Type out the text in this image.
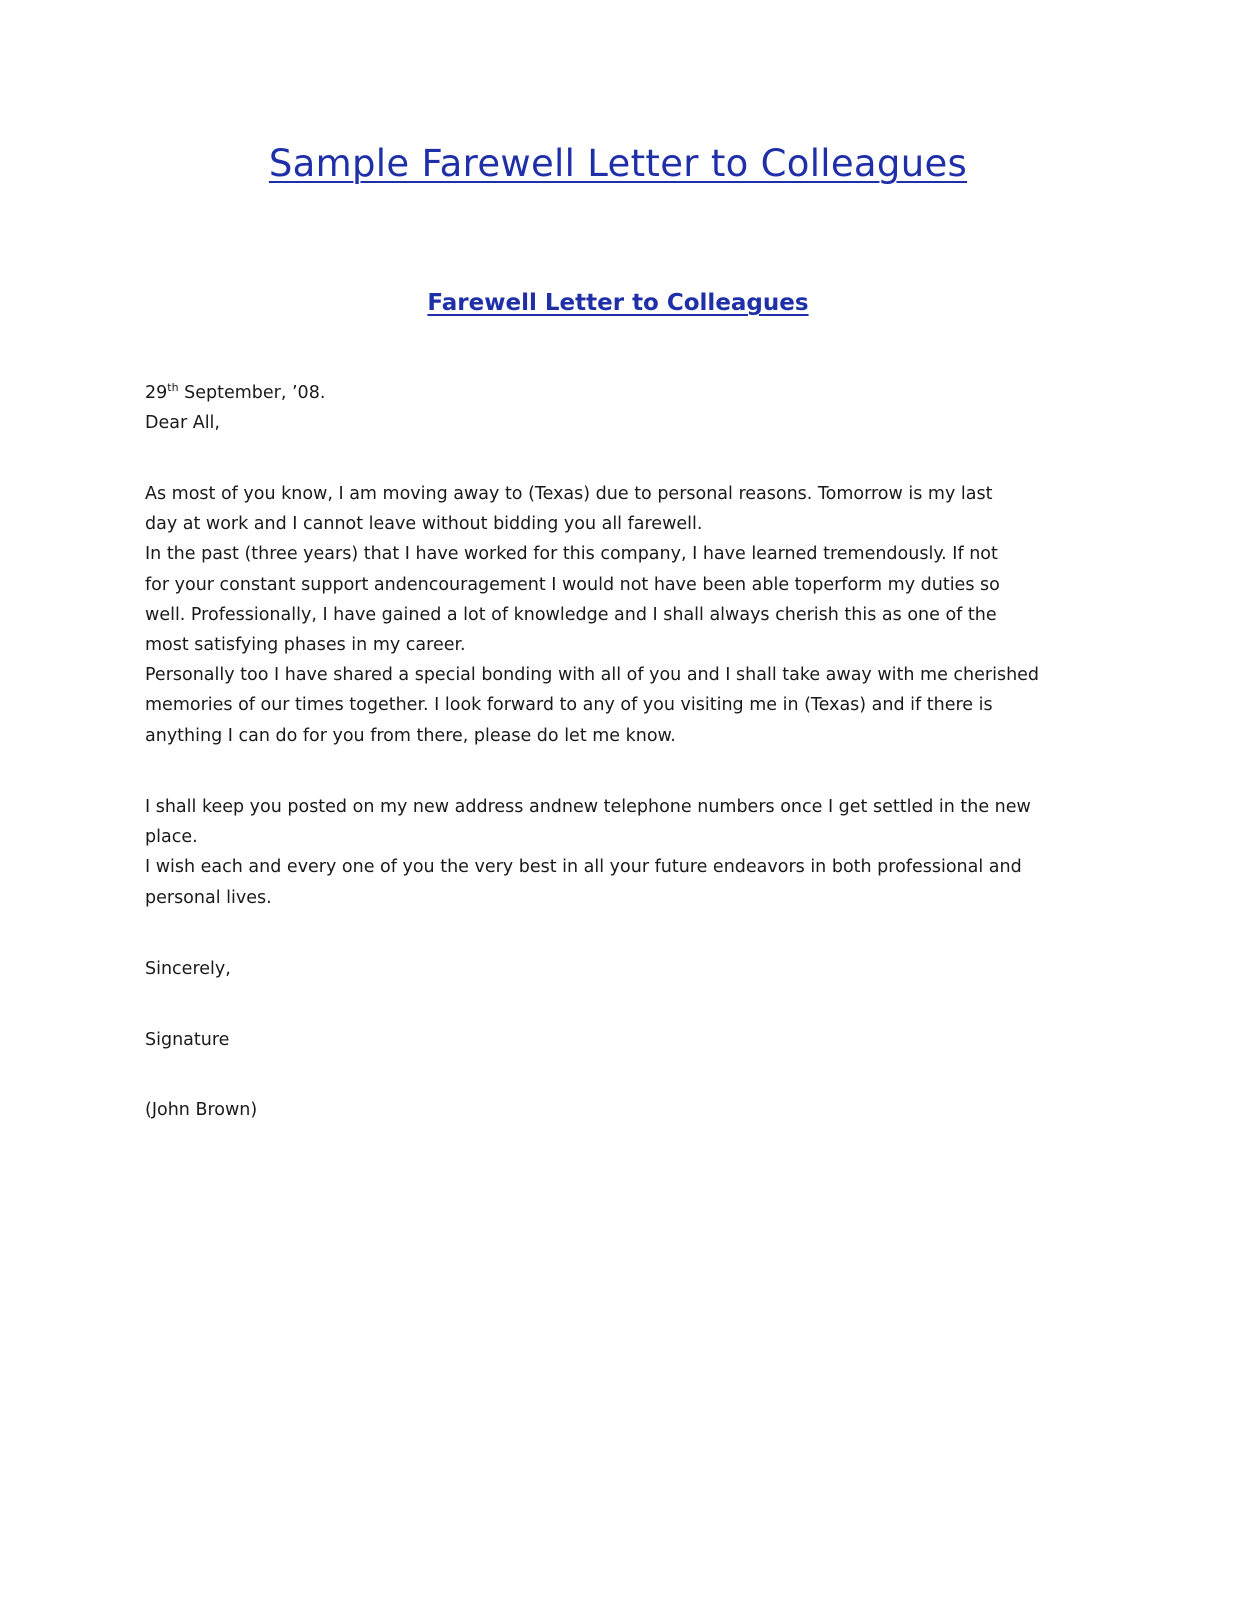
Sample Farewell Letter to Colleagues
Farewell Letter to Colleagues
29th September, ’08.
Dear All,
As most of you know, I am moving away to (Texas) due to personal reasons. Tomorrow is my last
day at work and I cannot leave without bidding you all farewell.
In the past (three years) that I have worked for this company, I have learned tremendously. If not
for your constant support andencouragement I would not have been able toperform my duties so
well. Professionally, I have gained a lot of knowledge and I shall always cherish this as one of the
most satisfying phases in my career.
Personally too I have shared a special bonding with all of you and I shall take away with me cherished
memories of our times together. I look forward to any of you visiting me in (Texas) and if there is
anything I can do for you from there, please do let me know.
I shall keep you posted on my new address andnew telephone numbers once I get settled in the new
place.
I wish each and every one of you the very best in all your future endeavors in both professional and
personal lives.
Sincerely,
Signature
(John Brown)
